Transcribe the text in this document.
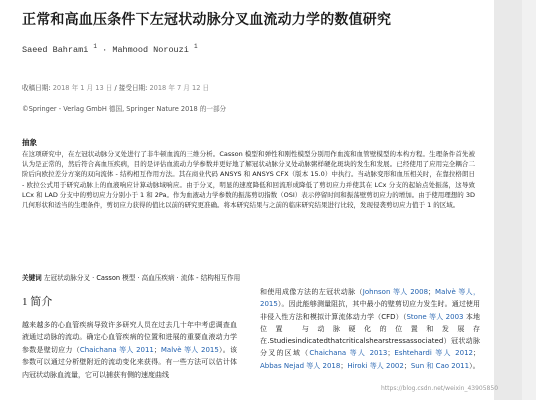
正常和高血压条件下左冠状动脉分叉血流动力学的数值研究
Saeed Bahrami $^1$ · Mahmood Norouzi $^1$
收稿日期: 2018 年 1 月 13 日 / 接受日期: 2018 年 7 月 12 日
©Springer - Verlag GmbH 德国, Springer Nature 2018 的一部分
抽象
在这项研究中，在左冠状动脉分叉处进行了非牛顿血流的三维分析。Casson 模型和弹性和刚性模型分别用作血流和血管壁模型的本构方程。生理条件首先被认为是正常的，然后符合高血压疾病，目的是评估血流动力学参数并更好地了解冠状动脉分叉处动脉粥样硬化斑块的发生和发展。已经使用了应用完全耦合二阶后向欧拉差分方案的双向流体 - 结构相互作用方法。其在商业代码 ANSYS 和 ANSYS CFX（版本 15.0）中执行。当动脉变形和血压相关时，在靠拉格朗日 - 欧拉公式用于研究动脉上的血液响应计算动脉域响应。由于分叉，明显的速度降低和回流形成降低了剪切应力并使其在 LCx 分支的起始点处振荡，这导致 LCx 和 LAD 分支中的剪切应力分别小于 1 和 2Pa。作为血液动力学参数的振荡剪切指数（OSI）表示停留时间和振荡壁剪切应力的增加。由于使用理想的 3D 几何形状和适当的生理条件，剪切应力获得的值比以前的研究更准确。将本研究结果与之前的临床研究结果进行比较，发现侵袭剪切应力值于 1 的区域。
关键词 左冠状动脉分叉 · Casson 模型 · 高血压疾病 · 流体 - 结构相互作用
1 简介
越来越多的心血管疾病导致许多研究人员在过去几十年中考虑调查血液通过动脉的流动。确定心血管疾病的位置和进展的重要血液动力学参数是壁切应力（Chaichana 等人 2011；Malvè 等人 2015）。该参数可以通过分析壁附近的流动变化来获得。有一些方法可以估计体内冠状动脉血流量，它可以捕获有侧的速度曲线
和使用成像方法的左冠状动脉（Johnson 等人 2008；Malvè 等人，2015）。因此能够测量阻抗，其中最小的壁剪切应力发生时。通过使用非侵入性方法和模拟计算流体动力学（CFD）（Stone 等人 2003 本地位置 与动脉硬化的位置和发展存在.Studiesindicatedthatcriticalshearstressassociated）冠状动脉分叉的区域（Chaichana 等人 2013；Eshtehardi 等人 2012；Abbas Nejad 等人 2018；Hiroki 等人 2002；Sun 和 Cao 2011）。
https://blog.csdn.net/weixin_43905850
